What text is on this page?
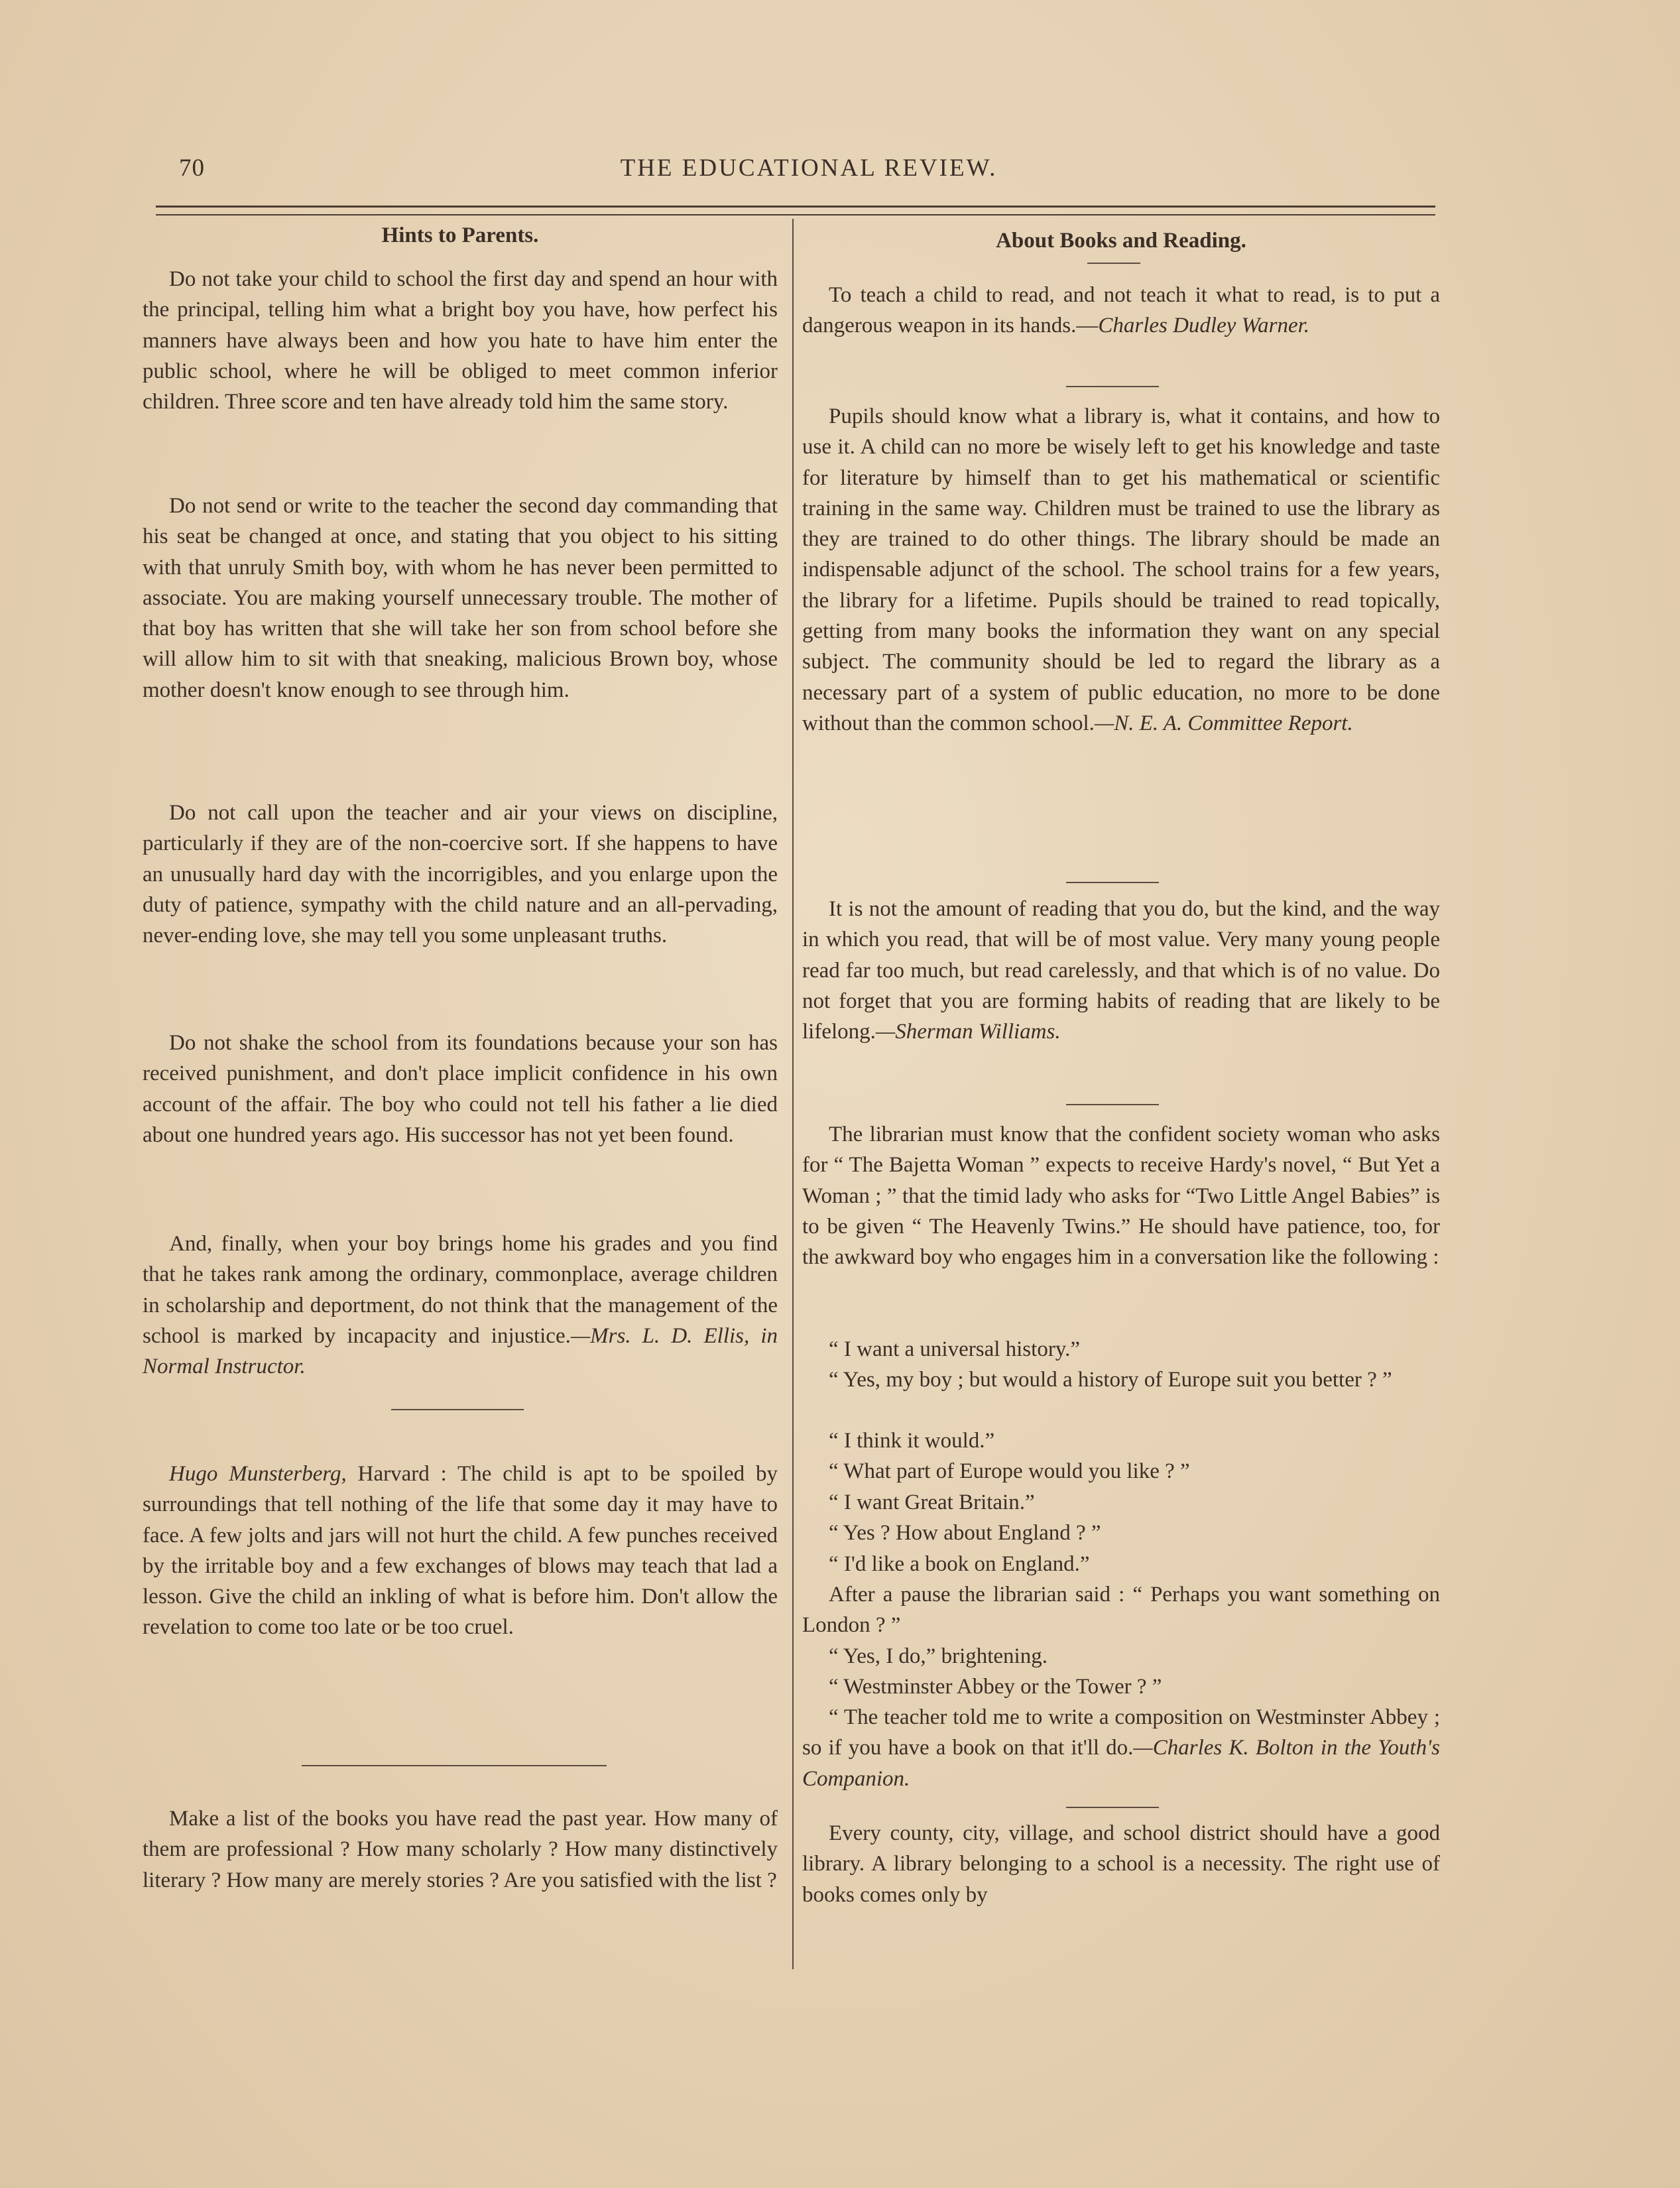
70	THE EDUCATIONAL REVIEW.
Hints to Parents.

Do not take your child to school the first day and spend an hour with the principal, telling him what a bright boy you have, how perfect his manners have always been and how you hate to have him enter the public school, where he will be obliged to meet common inferior children. Three score and ten have already told him the same story.

Do not send or write to the teacher the second day commanding that his seat be changed at once, and stating that you object to his sitting with that unruly Smith boy, with whom he has never been permitted to associate. You are making yourself unnecessary trouble. The mother of that boy has written that she will take her son from school before she will allow him to sit with that sneaking, malicious Brown boy, whose mother doesn't know enough to see through him.

Do not call upon the teacher and air your views on discipline, particularly if they are of the non-coercive sort. If she happens to have an unusually hard day with the incorrigibles, and you enlarge upon the duty of patience, sympathy with the child nature and an all-pervading, never-ending love, she may tell you some unpleasant truths.

Do not shake the school from its foundations because your son has received punishment, and don't place implicit confidence in his own account of the affair. The boy who could not tell his father a lie died about one hundred years ago. His successor has not yet been found.

And, finally, when your boy brings home his grades and you find that he takes rank among the ordinary, commonplace, average children in scholarship and deportment, do not think that the management of the school is marked by incapacity and injustice.—Mrs. L. D. Ellis, in Normal Instructor.

Hugo Munsterberg, Harvard : The child is apt to be spoiled by surroundings that tell nothing of the life that some day it may have to face. A few jolts and jars will not hurt the child. A few punches received by the irritable boy and a few exchanges of blows may teach that lad a lesson. Give the child an inkling of what is before him. Don't allow the revelation to come too late or be too cruel.

Make a list of the books you have read the past year. How many of them are professional ? How many scholarly ? How many distinctively literary ? How many are merely stories ? Are you satisfied with the list ?

About Books and Reading.

To teach a child to read, and not teach it what to read, is to put a dangerous weapon in its hands.—Charles Dudley Warner.

Pupils should know what a library is, what it contains, and how to use it. A child can no more be wisely left to get his knowledge and taste for literature by himself than to get his mathematical or scientific training in the same way. Children must be trained to use the library as they are trained to do other things. The library should be made an indispensable adjunct of the school. The school trains for a few years, the library for a lifetime. Pupils should be trained to read topically, getting from many books the information they want on any special subject. The community should be led to regard the library as a necessary part of a system of public education, no more to be done without than the common school.—N. E. A. Committee Report.

It is not the amount of reading that you do, but the kind, and the way in which you read, that will be of most value. Very many young people read far too much, but read carelessly, and that which is of no value. Do not forget that you are forming habits of reading that are likely to be lifelong.—Sherman Williams.

The librarian must know that the confident society woman who asks for “ The Bajetta Woman ” expects to receive Hardy's novel, “ But Yet a Woman ; ” that the timid lady who asks for “Two Little Angel Babies” is to be given “ The Heavenly Twins.” He should have patience, too, for the awkward boy who engages him in a conversation like the following :

“ I want a universal history.”

“ Yes, my boy ; but would a history of Europe suit you better ? ”

“ I think it would.”

“ What part of Europe would you like ? ”

“ I want Great Britain.”

“ Yes ? How about England ? ”

“ I'd like a book on England.”

After a pause the librarian said : “ Perhaps you want something on London ? ”

“ Yes, I do,” brightening.

“ Westminster Abbey or the Tower ? ”

“ The teacher told me to write a composition on Westminster Abbey ; so if you have a book on that it'll do.—Charles K. Bolton in the Youth's Companion.

Every county, city, village, and school district should have a good library. A library belonging to a school is a necessity. The right use of books comes only by
